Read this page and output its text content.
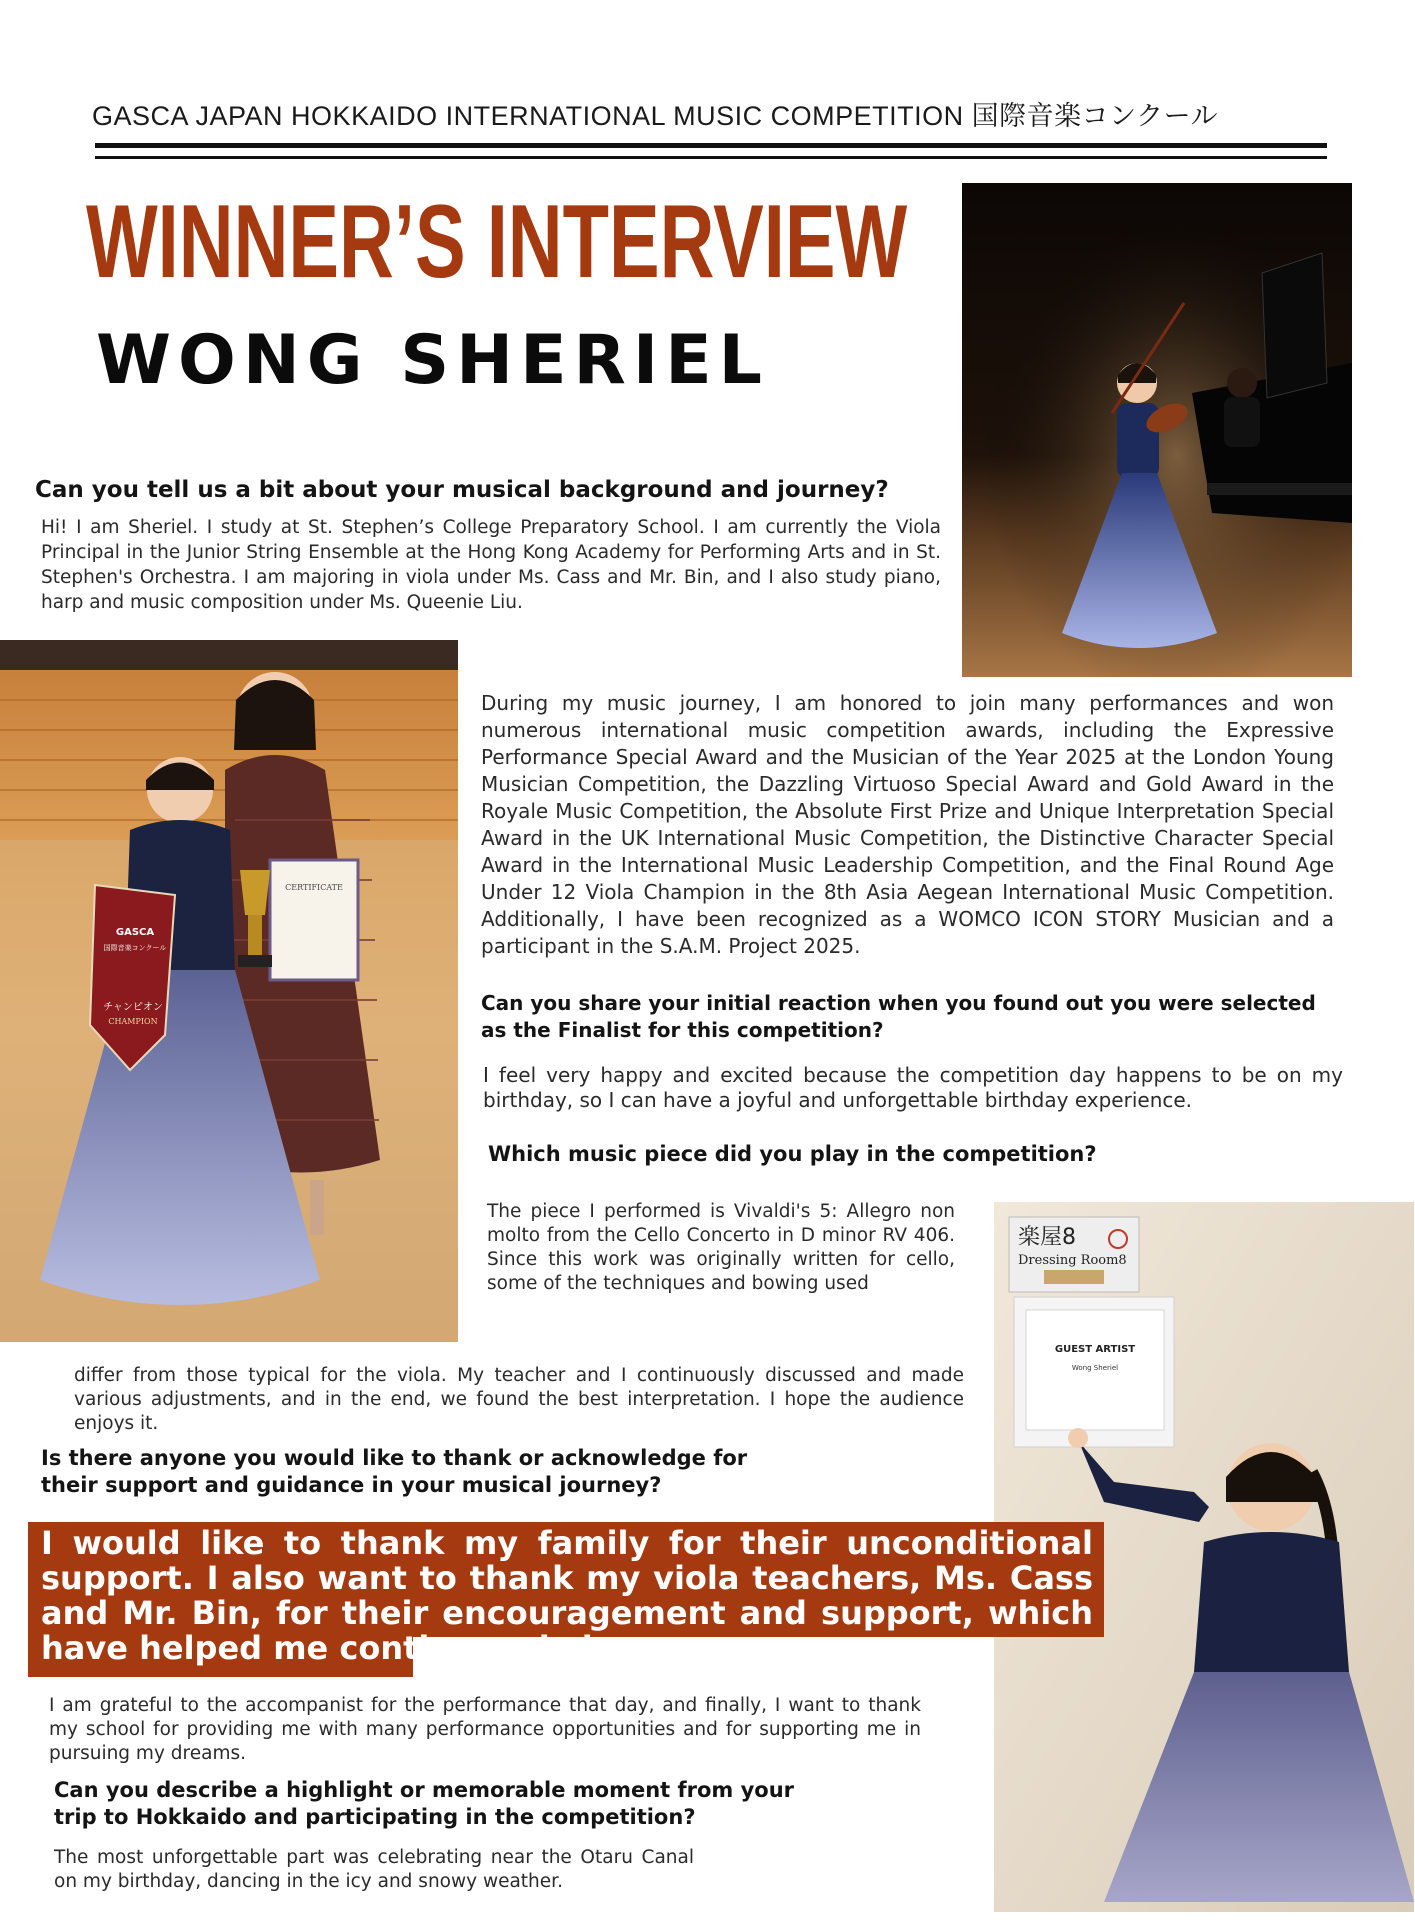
GASCA JAPAN HOKKAIDO INTERNATIONAL MUSIC COMPETITION 国際音楽コンクール
WINNER’S INTERVIEW
WONG SHERIEL
Can you tell us a bit about your musical background and journey?
Hi! I am Sheriel. I study at St. Stephen’s College Preparatory School. I am currently the Viola Principal in the Junior String Ensemble at the Hong Kong Academy for Performing Arts and in St. Stephen's Orchestra. I am majoring in viola under Ms. Cass and Mr. Bin, and I also study piano, harp and music composition under Ms. Queenie Liu.
CERTIFICATE
GASCA
国際音楽コンクール
チャンピオン
CHAMPION
During my music journey, I am honored to join many performances and won numerous international music competition awards, including the Expressive Performance Special Award and the Musician of the Year 2025 at the London Young Musician Competition, the Dazzling Virtuoso Special Award and Gold Award in the Royale Music Competition, the Absolute First Prize and Unique Interpretation Special Award in the UK International Music Competition, the Distinctive Character Special Award in the International Music Leadership Competition, and the Final Round Age Under 12 Viola Champion in the 8th Asia Aegean International Music Competition. Additionally, I have been recognized as a WOMCO ICON STORY Musician and a participant in the S.A.M. Project 2025.
Can you share your initial reaction when you found out you were selected as the Finalist for this competition?
I feel very happy and excited because the competition day happens to be on my birthday, so I can have a joyful and unforgettable birthday experience.
Which music piece did you play in the competition?
The piece I performed is Vivaldi's 5: Allegro non molto from the Cello Concerto in D minor RV 406. Since this work was originally written for cello, some of the techniques and bowing used
楽屋8
Dressing Room8
GUEST ARTIST
Wong Sheriel
differ from those typical for the viola. My teacher and I continuously discussed and made various adjustments, and in the end, we found the best interpretation. I hope the audience enjoys it.
Is there anyone you would like to thank or acknowledge for their support and guidance in your musical journey?
I would like to thank my family for their unconditional support. I also want to thank my viola teachers, Ms. Cass and Mr. Bin, for their encouragement and support, which have helped me continuously improve.
I am grateful to the accompanist for the performance that day, and finally, I want to thank my school for providing me with many performance opportunities and for supporting me in pursuing my dreams.
Can you describe a highlight or memorable moment from your trip to Hokkaido and participating in the competition?
The most unforgettable part was celebrating near the Otaru Canal on my birthday, dancing in the icy and snowy weather.
